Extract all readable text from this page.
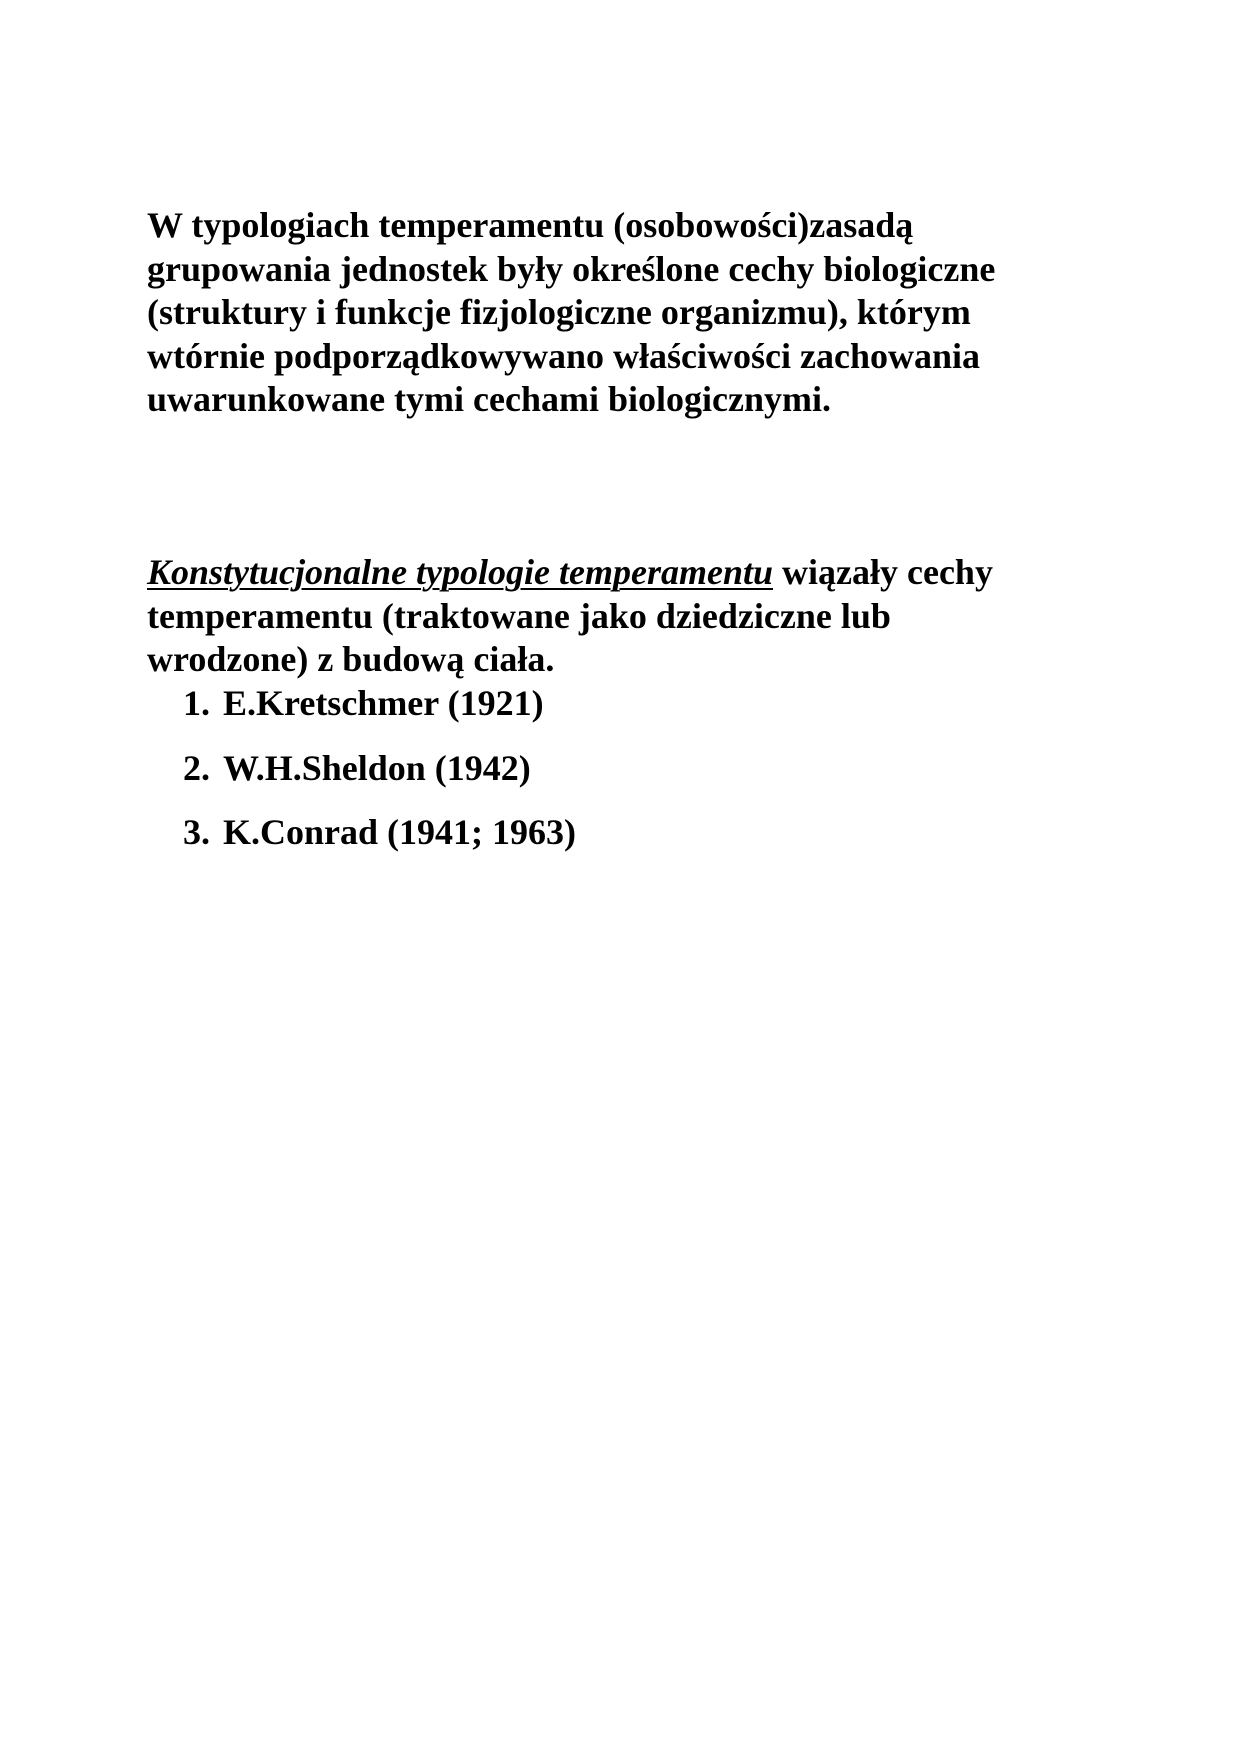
W typologiach temperamentu (osobowości)zasadą
grupowania jednostek były określone cechy biologiczne
(struktury i funkcje fizjologiczne organizmu), którym
wtórnie podporządkowywano właściwości zachowania
uwarunkowane tymi cechami biologicznymi.

Konstytucjonalne typologie temperamentu wiązały cechy
temperamentu (traktowane jako dziedziczne lub
wrodzone) z budową ciała.

1. E.Kretschmer (1921)
2. W.H.Sheldon (1942)
3. K.Conrad (1941; 1963)
